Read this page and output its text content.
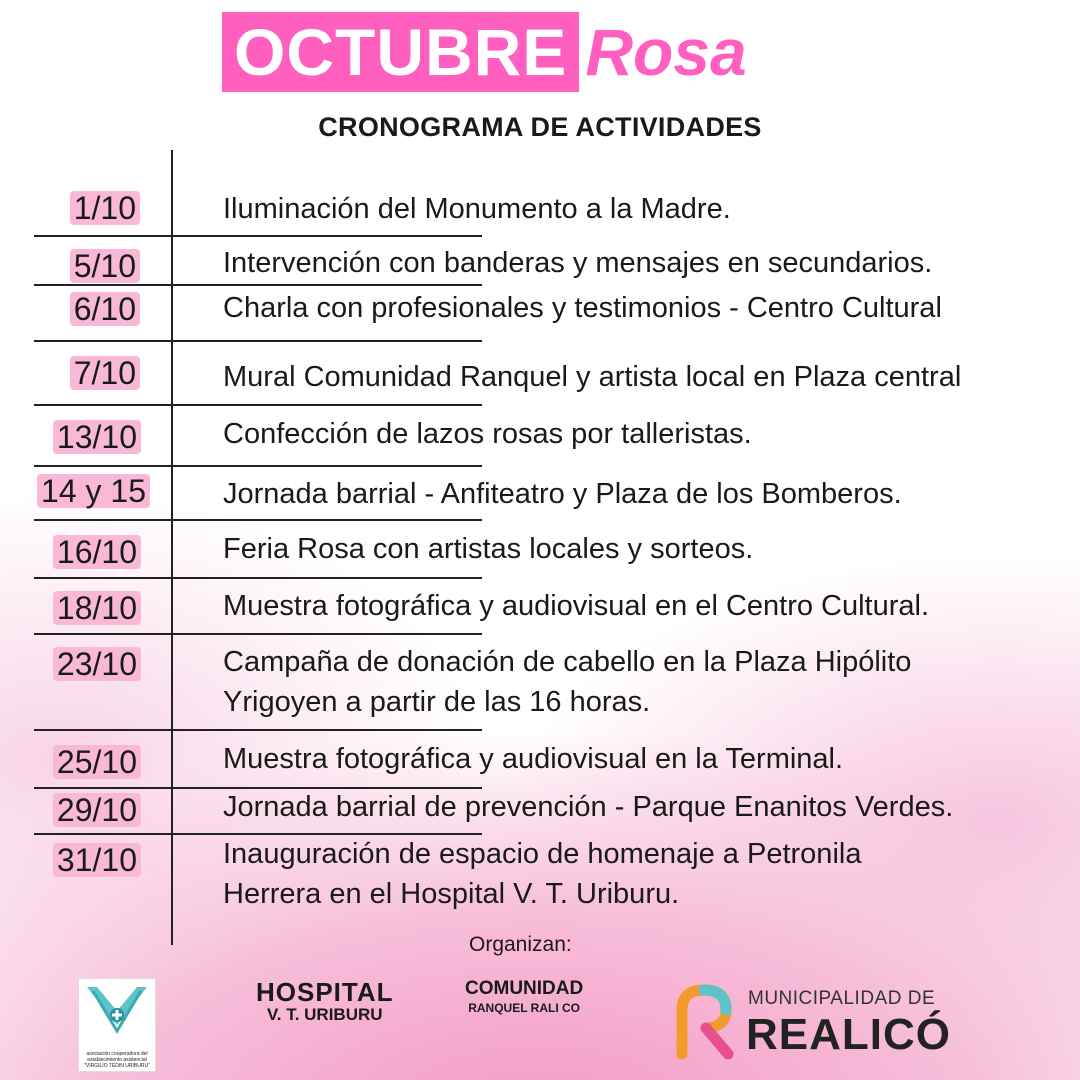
OCTUBRE Rosa
CRONOGRAMA DE ACTIVIDADES
1/10	Iluminación del Monumento a la Madre.
5/10	Intervención con banderas y mensajes en secundarios.
6/10	Charla con profesionales y testimonios - Centro Cultural
7/10	Mural Comunidad Ranquel y artista local en Plaza central
13/10	Confección de lazos rosas por talleristas.
14 y 15	Jornada barrial - Anfiteatro y Plaza de los Bomberos.
16/10	Feria Rosa con artistas locales y sorteos.
18/10	Muestra fotográfica y audiovisual en el Centro Cultural.
23/10	Campaña de donación de cabello en la Plaza Hipólito
Yrigoyen a partir de las 16 horas.
25/10	Muestra fotográfica y audiovisual en la Terminal.
29/10	Jornada barrial de prevención - Parque Enanitos Verdes.
31/10	Inauguración de espacio de homenaje a Petronila
Herrera en el Hospital V. T. Uriburu.
Organizan:
asociación cooperadora del establecimiento asistencial "VIRGILIO TEDIN URIBURU"
HOSPITAL
V. T. URIBURU
COMUNIDAD
RANQUEL RALI CO	MUNICIPALIDAD DE
REALICÓ
